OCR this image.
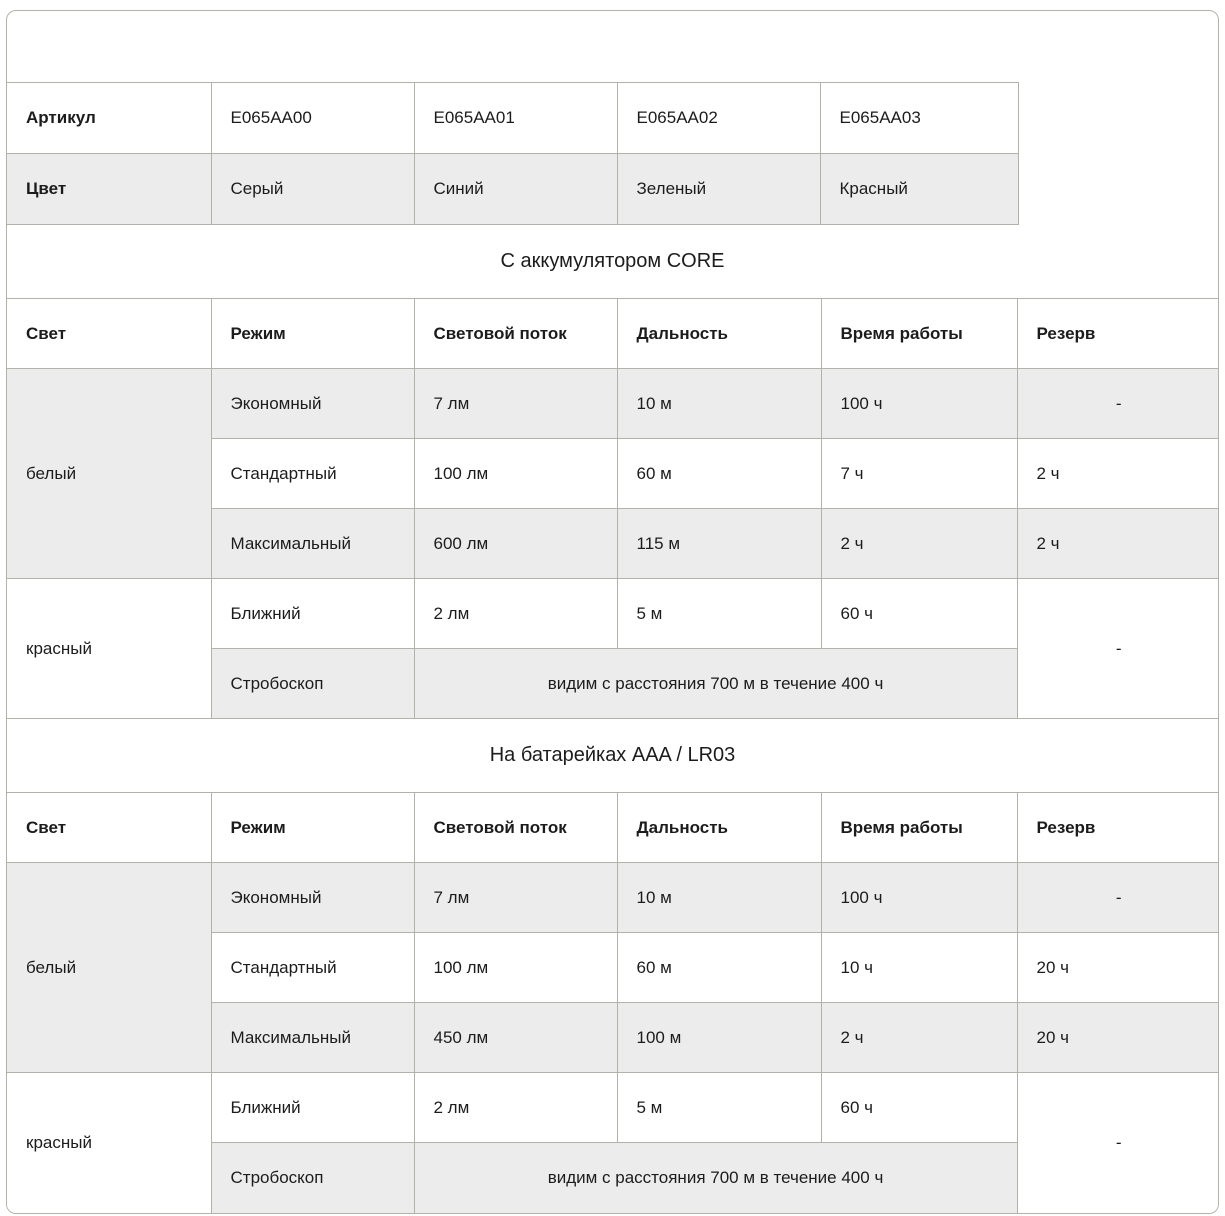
Артикул	E065AA00	E065AA01	E065AA02	E065AA03
Цвет	Серый	Синий	Зеленый	Красный
С аккумулятором CORE
Свет	Режим	Световой поток	Дальность	Время работы	Резерв
белый	Экономный	7 лм	10 м	100 ч	-
	Стандартный	100 лм	60 м	7 ч	2 ч
	Максимальный	600 лм	115 м	2 ч	2 ч
красный	Ближний	2 лм	5 м	60 ч	-
	Стробоскоп	видим с расстояния 700 м в течение 400 ч			
На батарейках AAA / LR03
Свет	Режим	Световой поток	Дальность	Время работы	Резерв
белый	Экономный	7 лм	10 м	100 ч	-
	Стандартный	100 лм	60 м	10 ч	20 ч
	Максимальный	450 лм	100 м	2 ч	20 ч
красный	Ближний	2 лм	5 м	60 ч	-
	Стробоскоп	видим с расстояния 700 м в течение 400 ч			
